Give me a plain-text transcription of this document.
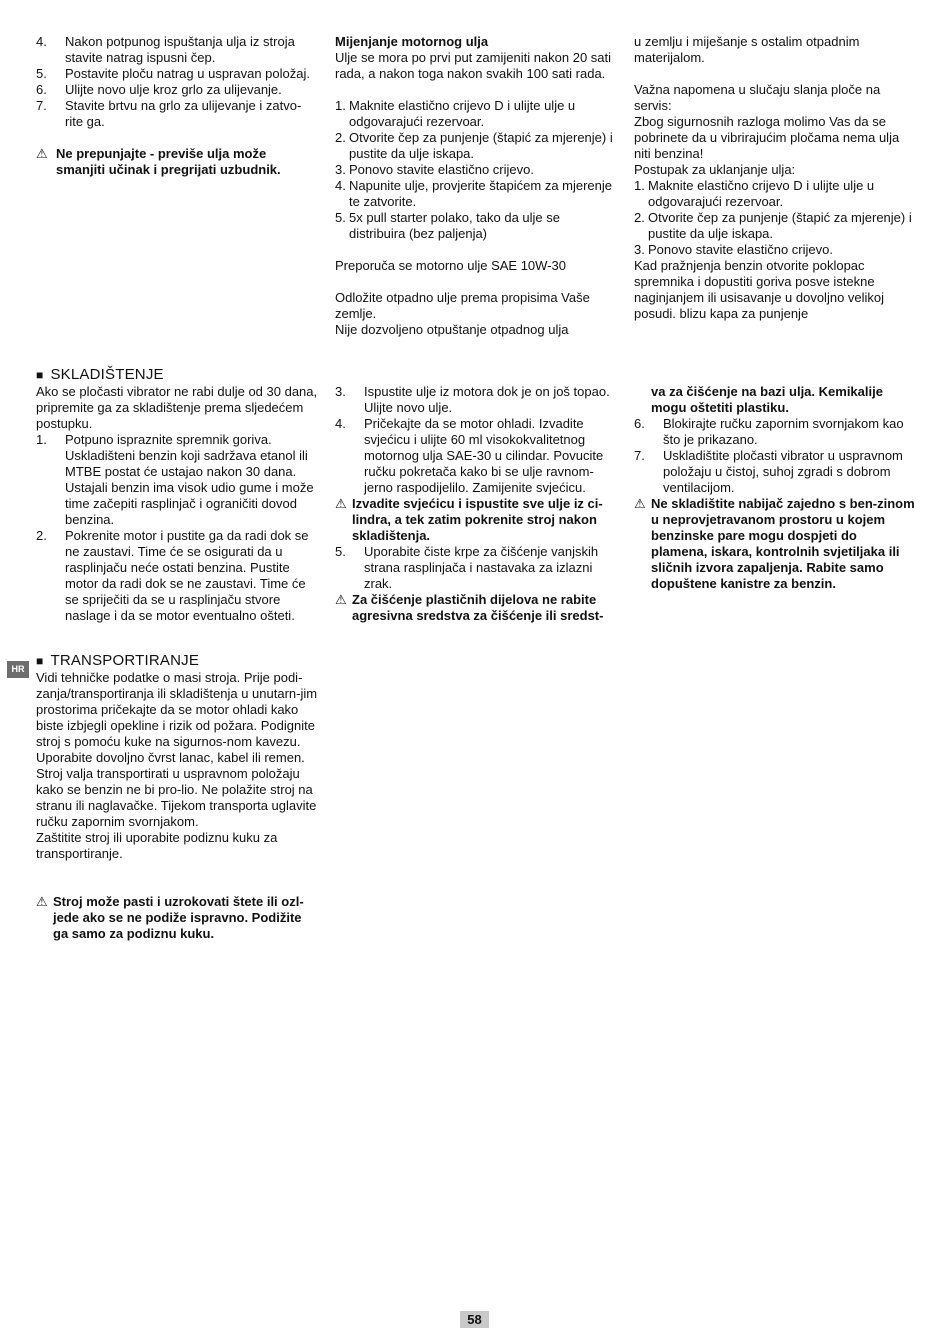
HR
58
4. Nakon potpunog ispuštanja ulja iz stroja stavite natrag ispusni čep.
5. Postavite ploču natrag u uspravan položaj.
6. Ulijte novo ulje kroz grlo za ulijevanje.
7. Stavite brtvu na grlo za ulijevanje i zatvo-rite ga.
⚠ Ne prepunjajte - previše ulja može smanjiti učinak i pregrijati uzbudnik.

Mijenjanje motornog ulja

Ulje se mora po prvi put zamijeniti nakon 20 sati rada, a nakon toga nakon svakih 100 sati rada.

1. Maknite elastično crijevo D i ulijte ulje u odgovarajući rezervoar.
2. Otvorite čep za punjenje (štapić za mjerenje) i pustite da ulje iskapa.
3. Ponovo stavite elastično crijevo.
4. Napunite ulje, provjerite štapićem za mjerenje te zatvorite.
5. 5x pull starter polako, tako da ulje se distribuira (bez paljenja)

Preporuča se motorno ulje SAE 10W-30

Odložite otpadno ulje prema propisima Vaše zemlje.

Nije dozvoljeno otpuštanje otpadnog ulja

u zemlju i miješanje s ostalim otpadnim materijalom.

Važna napomena u slučaju slanja ploče na servis:

Zbog sigurnosnih razloga molimo Vas da se pobrinete da u vibrirajućim pločama nema ulja niti benzina!

Postupak za uklanjanje ulja:

1. Maknite elastično crijevo D i ulijte ulje u odgovarajući rezervoar.
2. Otvorite čep za punjenje (štapić za mjerenje) i pustite da ulje iskapa.
3. Ponovo stavite elastično crijevo.

Kad pražnjenja benzin otvorite poklopac spremnika i dopustiti goriva posve istekne naginjanjem ili usisavanje u dovoljno velikoj posudi. blizu kapa za punjenje

■ SKLADIŠTENJE

Ako se pločasti vibrator ne rabi dulje od 30 dana, pripremite ga za skladištenje prema sljedećem postupku.

1. Potpuno ispraznite spremnik goriva. Uskladišteni benzin koji sadržava etanol ili MTBE postat će ustajao nakon 30 dana. Ustajali benzin ima visok udio gume i može time začepiti rasplinjač i ograničiti dovod benzina.
2. Pokrenite motor i pustite ga da radi dok se ne zaustavi. Time će se osigurati da u rasplinjaču neće ostati benzina. Pustite motor da radi dok se ne zaustavi. Time će se spriječiti da se u rasplinjaču stvore naslage i da se motor eventualno ošteti.
3. Ispustite ulje iz motora dok je on još topao. Ulijte novo ulje.
4. Pričekajte da se motor ohladi. Izvadite svjećicu i ulijte 60 ml visokokvalitetnog motornog ulja SAE-30 u cilindar. Povucite ručku pokretača kako bi se ulje ravnom-jerno raspodijelilo. Zamijenite svjećicu.
⚠ Izvadite svjećicu i ispustite sve ulje iz ci-lindra, a tek zatim pokrenite stroj nakon skladištenja.
5. Uporabite čiste krpe za čišćenje vanjskih strana rasplinjača i nastavaka za izlazni zrak.
⚠ Za čišćenje plastičnih dijelova ne rabite agresivna sredstva za čišćenje ili sredst-

va za čišćenje na bazi ulja. Kemikalije mogu oštetiti plastiku.

6. Blokirajte ručku zapornim svornjakom kao što je prikazano.
7. Uskladištite pločasti vibrator u uspravnom položaju u čistoj, suhoj zgradi s dobrom ventilacijom.
⚠ Ne skladištite nabijač zajedno s ben-zinom u neprovjetravanom prostoru u kojem benzinske pare mogu dospjeti do plamena, iskara, kontrolnih svjetiljaka ili sličnih izvora zapaljenja. Rabite samo dopuštene kanistre za benzin.
■ TRANSPORTIRANJE

Vidi tehničke podatke o masi stroja. Prije podi-zanja/transportiranja ili skladištenja u unutarn-jim prostorima pričekajte da se motor ohladi kako biste izbjegli opekline i rizik od požara. Podignite stroj s pomoću kuke na sigurnos-nom kavezu. Uporabite dovoljno čvrst lanac, kabel ili remen. Stroj valja transportirati u uspravnom položaju kako se benzin ne bi pro-lio. Ne polažite stroj na stranu ili naglavačke. Tijekom transporta uglavite ručku zapornim svornjakom.

Zaštitite stroj ili uporabite podiznu kuku za transportiranje.

⚠ Stroj može pasti i uzrokovati štete ili ozl-jede ako se ne podiže ispravno. Podižite ga samo za podiznu kuku.
